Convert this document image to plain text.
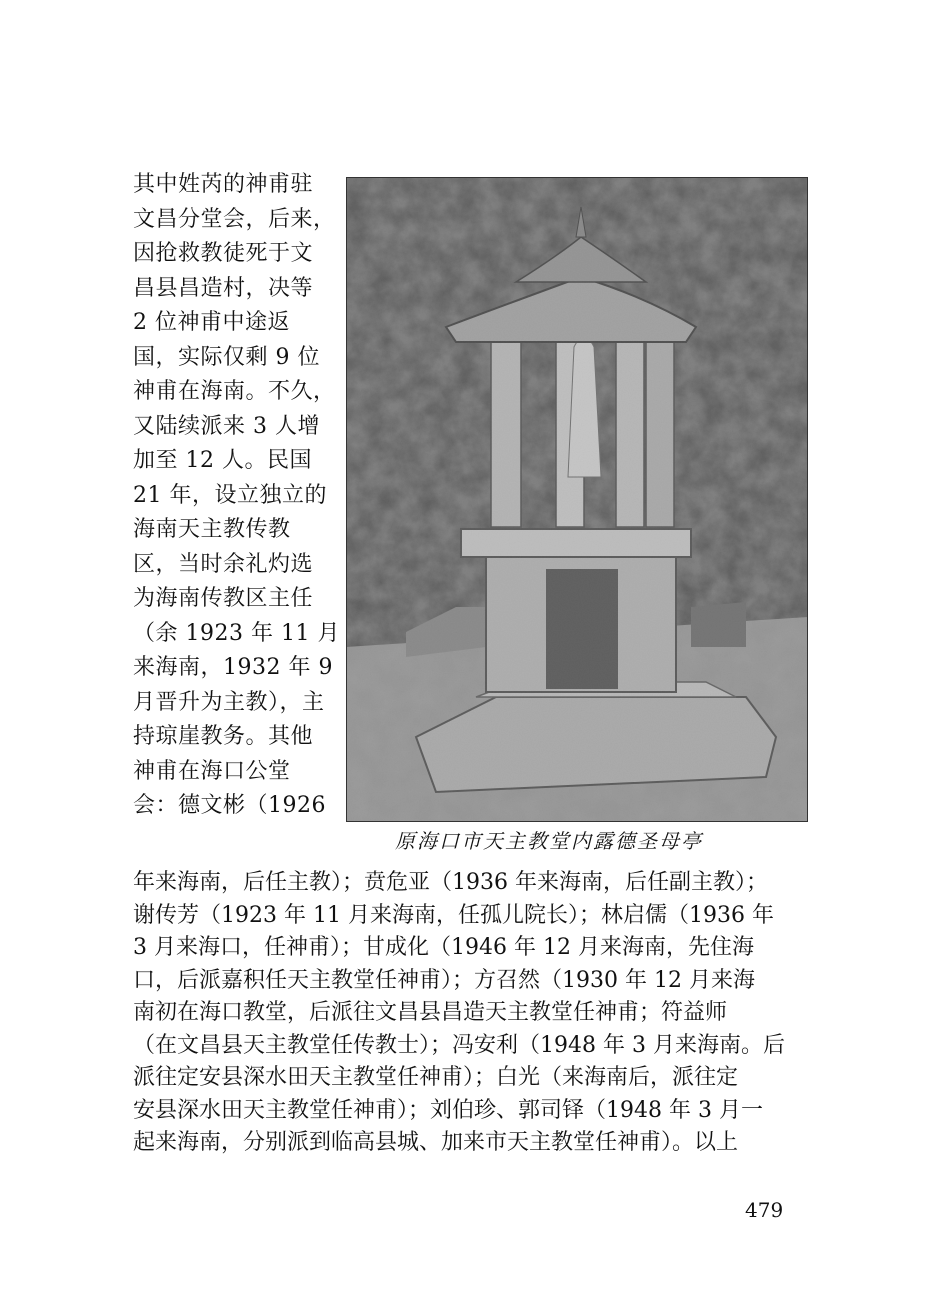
其中姓芮的神甫驻
文昌分堂会，后来，
因抢救教徒死于文
昌县昌造村，决等
2 位神甫中途返
国，实际仅剩 9 位
神甫在海南。不久，
又陆续派来 3 人增
加至 12 人。民国
21 年，设立独立的
海南天主教传教
区，当时余礼灼选
为海南传教区主任
（余 1923 年 11 月
来海南，1932 年 9
月晋升为主教），主
持琼崖教务。其他
神甫在海口公堂
会：德文彬（1926
原海口市天主教堂内露德圣母亭
年来海南，后任主教）；贲危亚（1936 年来海南，后任副主教）；
谢传芳（1923 年 11 月来海南，任孤儿院长）；林启儒（1936 年
3 月来海口，任神甫）；甘成化（1946 年 12 月来海南，先住海
口，后派嘉积任天主教堂任神甫）；方召然（1930 年 12 月来海
南初在海口教堂，后派往文昌县昌造天主教堂任神甫；符益师
（在文昌县天主教堂任传教士）；冯安利（1948 年 3 月来海南。后
派往定安县深水田天主教堂任神甫）；白光（来海南后，派往定
安县深水田天主教堂任神甫）；刘伯珍、郭司铎（1948 年 3 月一
起来海南，分别派到临高县城、加来市天主教堂任神甫）。以上
479
